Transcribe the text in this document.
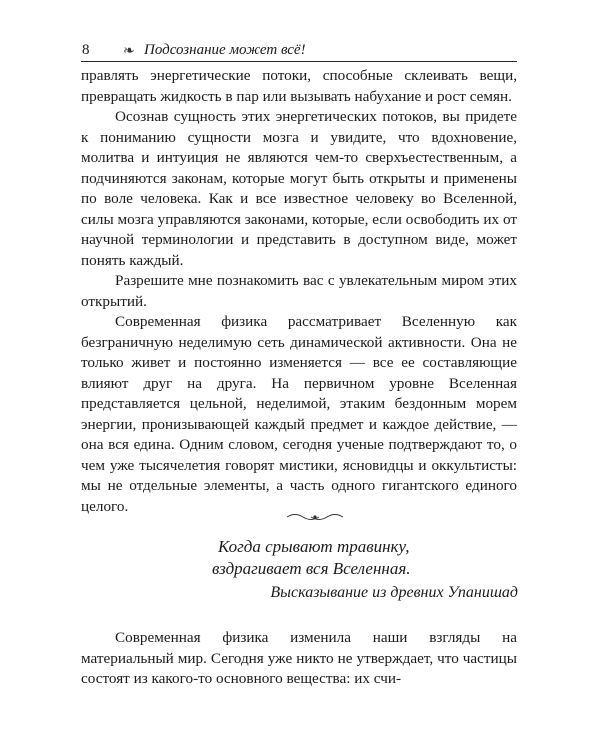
8 ❧ Подсознание может всё!

правлять энергетические потоки, способные склеивать вещи, превращать жидкость в пар или вызывать набухание и рост семян.

Осознав сущность этих энергетических потоков, вы придете к пониманию сущности мозга и увидите, что вдохновение, молитва и интуиция не являются чем-то сверхъестественным, а подчиняются законам, которые могут быть открыты и применены по воле человека. Как и все известное человеку во Вселенной, силы мозга управляются законами, которые, если освободить их от научной терминологии и представить в доступном виде, может понять каждый.

Разрешите мне познакомить вас с увлекательным миром этих открытий.

Современная физика рассматривает Вселенную как безграничную неделимую сеть динамической активности. Она не только живет и постоянно изменяется — все ее составляющие влияют друг на друга. На первичном уровне Вселенная представляется цельной, неделимой, этаким бездонным морем энергии, пронизывающей каждый предмет и каждое действие, — она вся едина. Одним словом, сегодня ученые подтверждают то, о чем уже тысячелетия говорят мистики, ясновидцы и оккультисты: мы не отдельные элементы, а часть одного гигантского единого целого.

Когда срывают травинку,
вздрагивает вся Вселенная.
Высказывание из древних Упанишад

Современная физика изменила наши взгляды на материальный мир. Сегодня уже никто не утверждает, что частицы состоят из какого-то основного вещества: их счи-
